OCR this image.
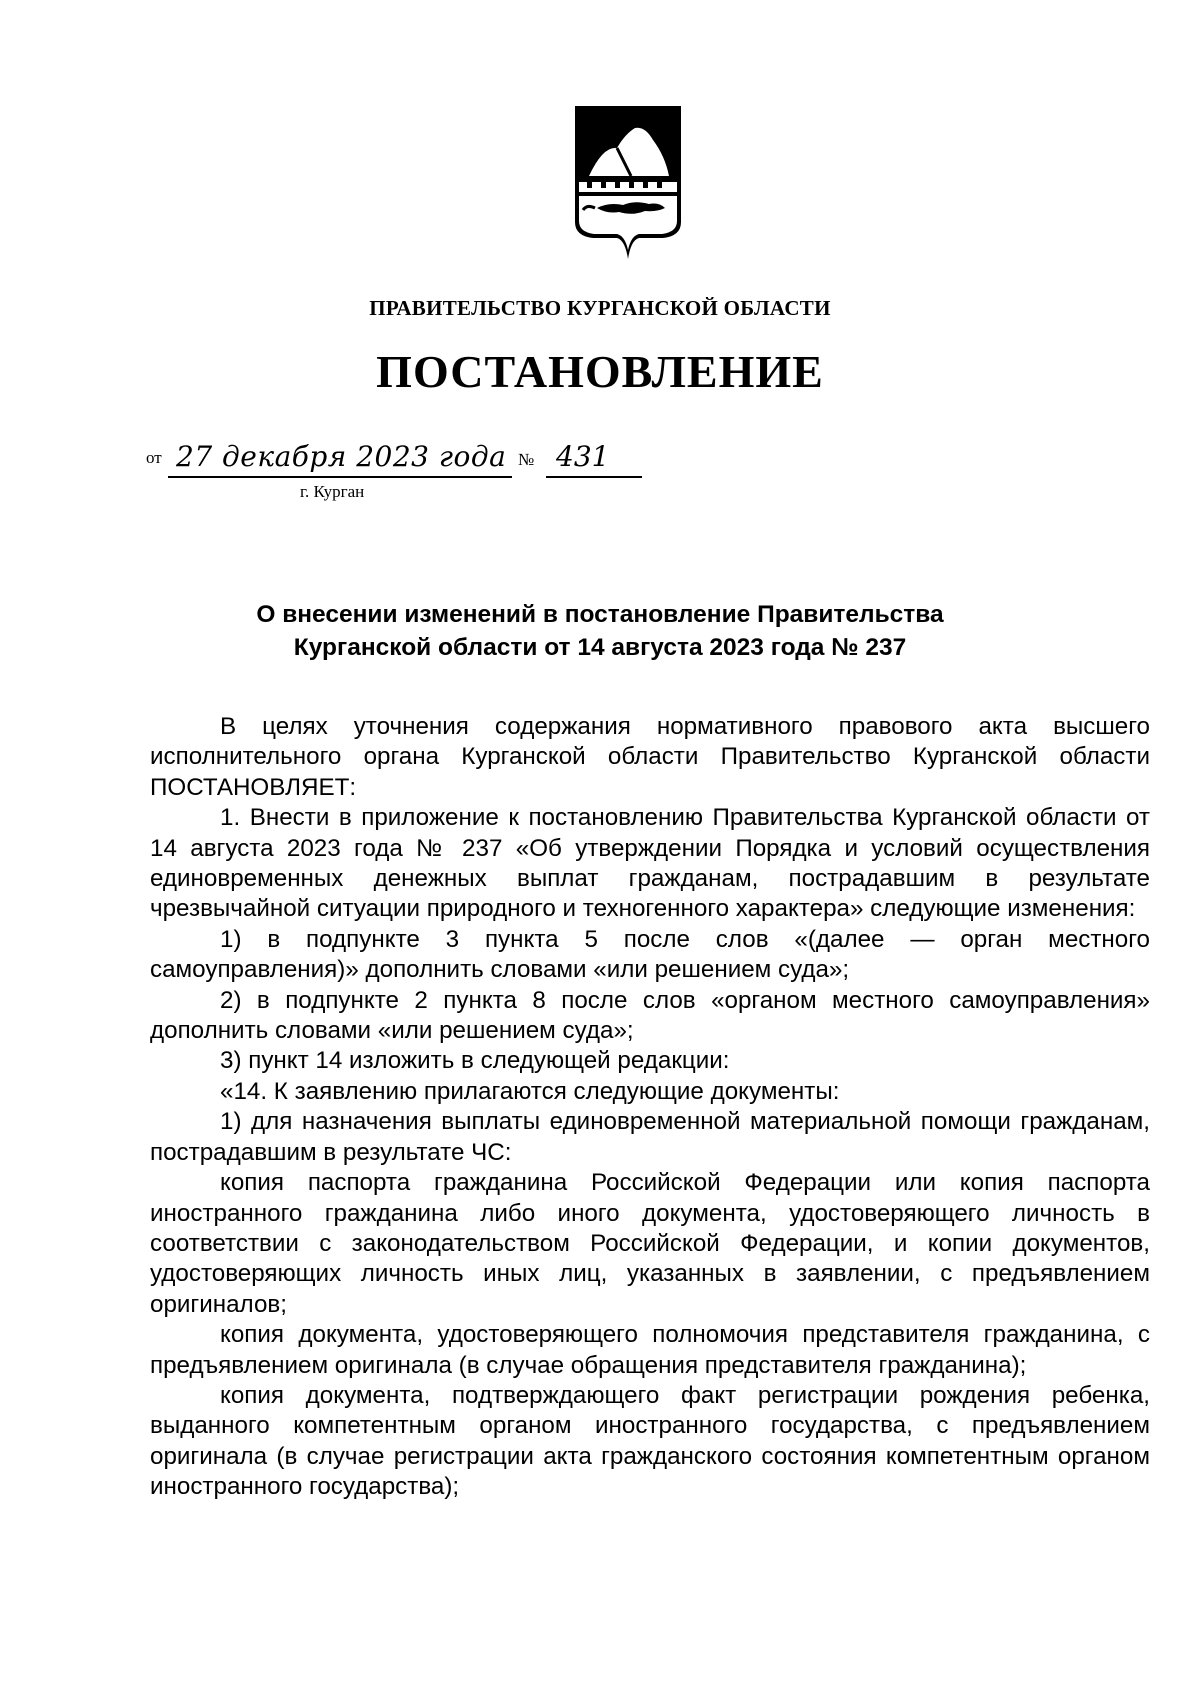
ПРАВИТЕЛЬСТВО КУРГАНСКОЙ ОБЛАСТИ
ПОСТАНОВЛЕНИЕ
от 27 декабря 2023 года № 431
г. Курган
О внесении изменений в постановление Правительства
Курганской области от 14 августа 2023 года № 237

В целях уточнения содержания нормативного правового акта высшего исполнительного органа Курганской области Правительство Курганской области ПОСТАНОВЛЯЕТ:

1. Внести в приложение к постановлению Правительства Курганской области от 14 августа 2023 года № 237 «Об утверждении Порядка и условий осуществления единовременных денежных выплат гражданам, пострадавшим в результате чрезвычайной ситуации природного и техногенного характера» следующие изменения:

1) в подпункте 3 пункта 5 после слов «(далее — орган местного самоуправления)» дополнить словами «или решением суда»;

2) в подпункте 2 пункта 8 после слов «органом местного самоуправления» дополнить словами «или решением суда»;

3) пункт 14 изложить в следующей редакции:

«14. К заявлению прилагаются следующие документы:

1) для назначения выплаты единовременной материальной помощи гражданам, пострадавшим в результате ЧС:

копия паспорта гражданина Российской Федерации или копия паспорта иностранного гражданина либо иного документа, удостоверяющего личность в соответствии с законодательством Российской Федерации, и копии документов, удостоверяющих личность иных лиц, указанных в заявлении, с предъявлением оригиналов;

копия документа, удостоверяющего полномочия представителя гражданина, с предъявлением оригинала (в случае обращения представителя гражданина);

копия документа, подтверждающего факт регистрации рождения ребенка, выданного компетентным органом иностранного государства, с предъявлением оригинала (в случае регистрации акта гражданского состояния компетентным органом иностранного государства);
